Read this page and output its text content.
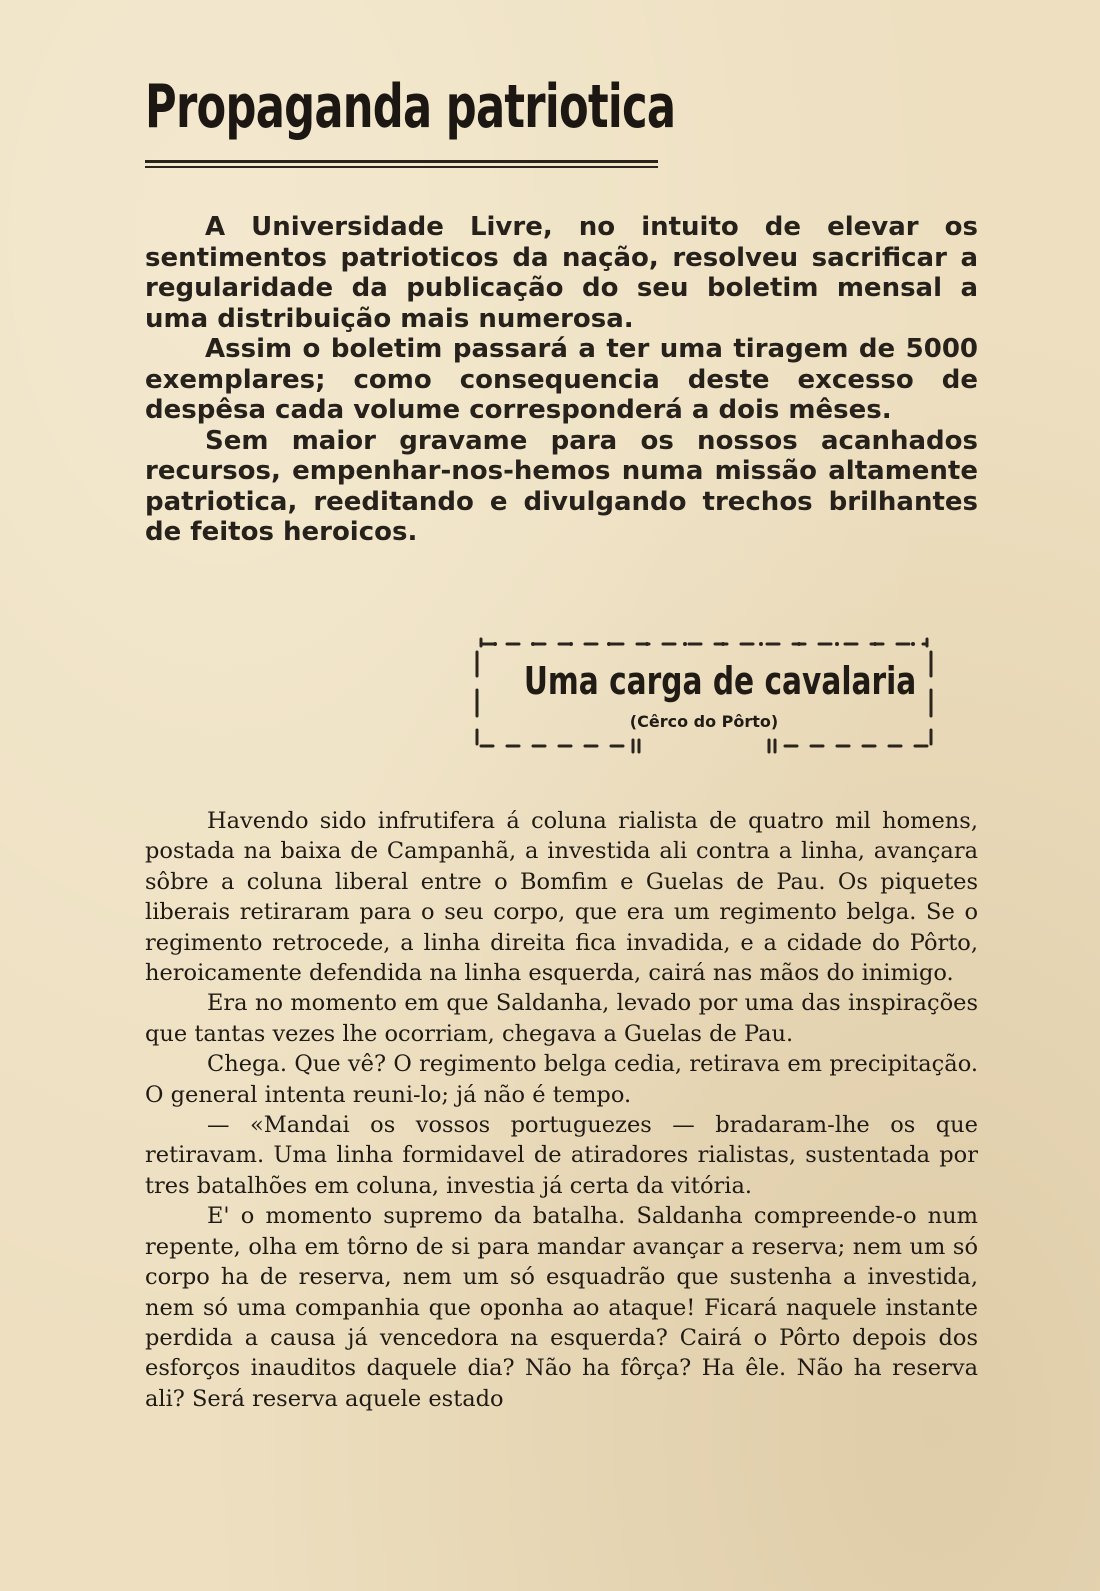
Propaganda patriotica

A Universidade Livre, no intuito de elevar os sentimentos patrioticos da nação, resolveu sacrificar a regularidade da publicação do seu boletim mensal a uma distribuição mais numerosa.

Assim o boletim passará a ter uma tiragem de 5000 exemplares; como consequencia deste excesso de despêsa cada volume corresponderá a dois mêses.

Sem maior gravame para os nossos acanhados recursos, empenhar-nos-hemos numa missão altamente patriotica, reeditando e divulgando trechos brilhantes de feitos heroicos.

Uma carga de cavalaria
(Cêrco do Pôrto)

Havendo sido infrutifera á coluna rialista de quatro mil homens, postada na baixa de Campanhã, a investida ali contra a linha, avançara sôbre a coluna liberal entre o Bomfim e Guelas de Pau. Os piquetes liberais retiraram para o seu corpo, que era um regimento belga. Se o regimento retrocede, a linha direita fica invadida, e a cidade do Pôrto, heroicamente defendida na linha esquerda, cairá nas mãos do inimigo.

Era no momento em que Saldanha, levado por uma das inspirações que tantas vezes lhe ocorriam, chegava a Guelas de Pau.

Chega. Que vê? O regimento belga cedia, retirava em precipitação. O general intenta reuni-lo; já não é tempo.

— «Mandai os vossos portuguezes — bradaram-lhe os que retiravam. Uma linha formidavel de atiradores rialistas, sustentada por tres batalhões em coluna, investia já certa da vitória.

E' o momento supremo da batalha. Saldanha compreende-o num repente, olha em tôrno de si para mandar avançar a reserva; nem um só corpo ha de reserva, nem um só esquadrão que sustenha a investida, nem só uma companhia que oponha ao ataque! Ficará naquele instante perdida a causa já vencedora na esquerda? Cairá o Pôrto depois dos esforços inauditos daquele dia? Não ha fôrça? Ha êle. Não ha reserva ali? Será reserva aquele estado
